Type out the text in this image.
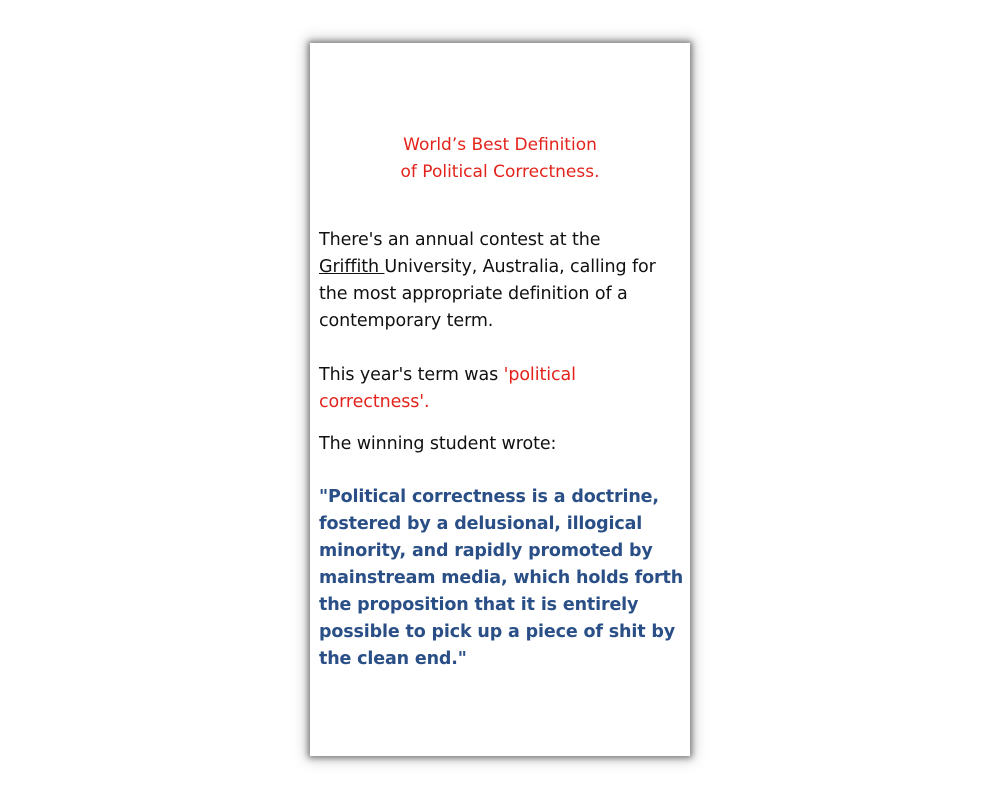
World’s Best Definition
of Political Correctness.
There's an annual contest at the
Griffith University, Australia, calling for
the most appropriate definition of a
contemporary term.
This year's term was 'political
correctness'.
The winning student wrote:
"Political correctness is a doctrine,
fostered by a delusional, illogical
minority, and rapidly promoted by
mainstream media, which holds forth
the proposition that it is entirely
possible to pick up a piece of shit by
the clean end."
